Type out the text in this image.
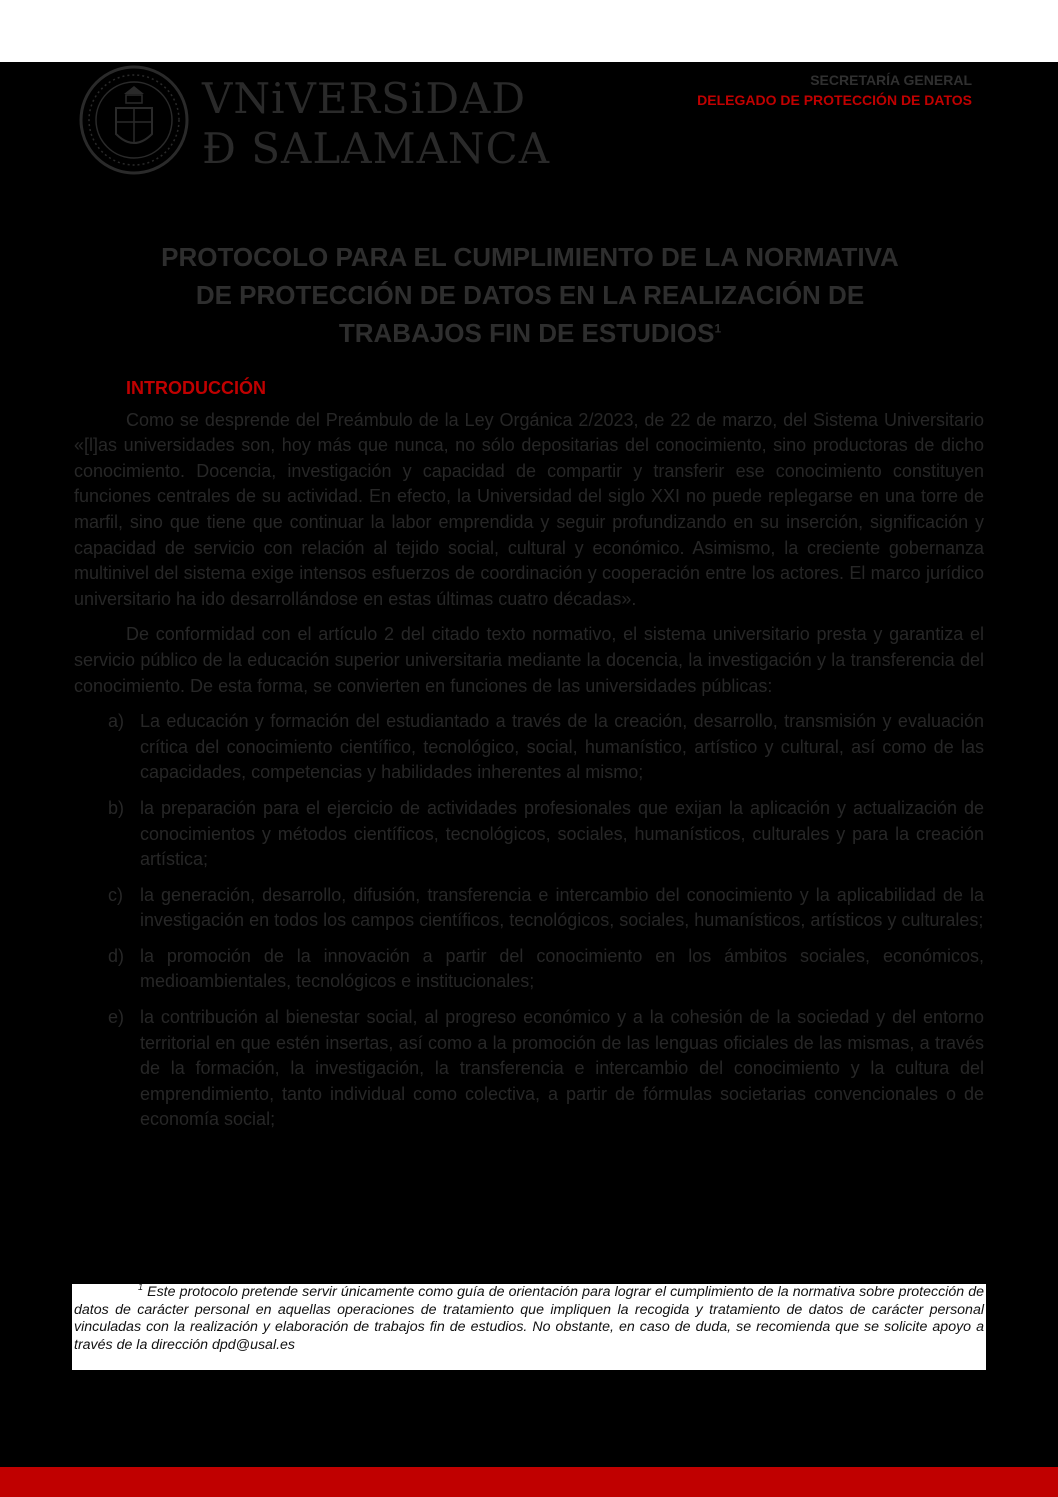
VNiVERSiDAD
Ð SALAMANCA
SECRETARÍA GENERAL
DELEGADO DE PROTECCIÓN DE DATOS
PROTOCOLO PARA EL CUMPLIMIENTO DE LA NORMATIVA
DE PROTECCIÓN DE DATOS EN LA REALIZACIÓN DE
TRABAJOS FIN DE ESTUDIOS$^1$
INTRODUCCIÓN

Como se desprende del Preámbulo de la Ley Orgánica 2/2023, de 22 de marzo, del Sistema Universitario «[l]as universidades son, hoy más que nunca, no sólo depositarias del conocimiento, sino productoras de dicho conocimiento. Docencia, investigación y capacidad de compartir y transferir ese conocimiento constituyen funciones centrales de su actividad. En efecto, la Universidad del siglo XXI no puede replegarse en una torre de marfil, sino que tiene que continuar la labor emprendida y seguir profundizando en su inserción, significación y capacidad de servicio con relación al tejido social, cultural y económico. Asimismo, la creciente gobernanza multinivel del sistema exige intensos esfuerzos de coordinación y cooperación entre los actores. El marco jurídico universitario ha ido desarrollándose en estas últimas cuatro décadas».

De conformidad con el artículo 2 del citado texto normativo, el sistema universitario presta y garantiza el servicio público de la educación superior universitaria mediante la docencia, la investigación y la transferencia del conocimiento. De esta forma, se convierten en funciones de las universidades públicas:

a) La educación y formación del estudiantado a través de la creación, desarrollo, transmisión y evaluación crítica del conocimiento científico, tecnológico, social, humanístico, artístico y cultural, así como de las capacidades, competencias y habilidades inherentes al mismo;
b) la preparación para el ejercicio de actividades profesionales que exijan la aplicación y actualización de conocimientos y métodos científicos, tecnológicos, sociales, humanísticos, culturales y para la creación artística;
c) la generación, desarrollo, difusión, transferencia e intercambio del conocimiento y la aplicabilidad de la investigación en todos los campos científicos, tecnológicos, sociales, humanísticos, artísticos y culturales;
d) la promoción de la innovación a partir del conocimiento en los ámbitos sociales, económicos, medioambientales, tecnológicos e institucionales;
e) la contribución al bienestar social, al progreso económico y a la cohesión de la sociedad y del entorno territorial en que estén insertas, así como a la promoción de las lenguas oficiales de las mismas, a través de la formación, la investigación, la transferencia e intercambio del conocimiento y la cultura del emprendimiento, tanto individual como colectiva, a partir de fórmulas societarias convencionales o de economía social;
$^1$ Este protocolo pretende servir únicamente como guía de orientación para lograr el cumplimiento de la normativa sobre protección de datos de carácter personal en aquellas operaciones de tratamiento que impliquen la recogida y tratamiento de datos de carácter personal vinculadas con la realización y elaboración de trabajos fin de estudios. No obstante, en caso de duda, se recomienda que se solicite apoyo a través de la dirección dpd@usal.es
